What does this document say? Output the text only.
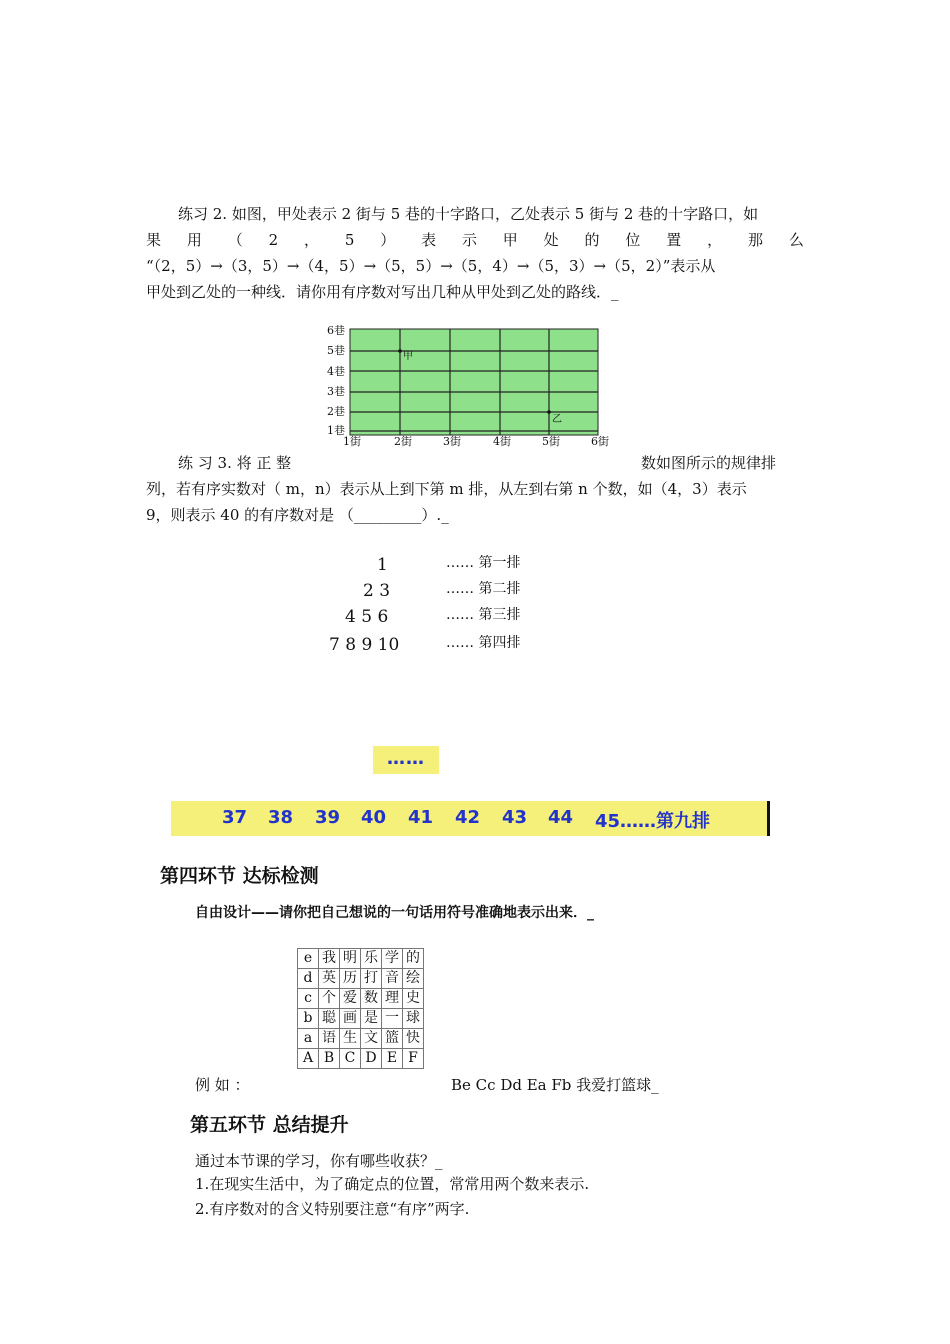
练习 2. 如图，甲处表示 2 街与 5 巷的十字路口，乙处表示 5 街与 2 巷的十字路口，如
果 用 （ 2 ， 5 ） 表 示 甲 处 的 位 置 ， 那 么
“（2，5）→（3，5）→（4，5）→（5，5）→（5，4）→（5，3）→（5，2）”表示从
甲处到乙处的一种线．请你用有序数对写出几种从甲处到乙处的路线．_
6巷
5巷
4巷
3巷
2巷
1巷
1街	2街	3街	4街	5街	6街
甲
乙
练 习 3. 将 正 整	数如图所示的规律排
列，若有序实数对（ m，n）表示从上到下第 m 排，从左到右第 n 个数，如（4，3）表示
9，则表示 40 的有序数对是 （_________）._
1	…… 第一排
2 3	…… 第二排
4 5 6	…… 第三排
7 8 9 10	…… 第四排
……
37 38 39 40 41 42 43 44 45……第九排
第四环节 达标检测
自由设计——请你把自己想说的一句话用符号准确地表示出来．_
e	我	明	乐	学	的
d	英	历	打	音	绘
c	个	爱	数	理	史
b	聪	画	是	一	球
a	语	生	文	篮	快
A	B	C	D	E	F
例 如 ：	Be Cc Dd Ea Fb 我爱打篮球_
第五环节 总结提升
通过本节课的学习，你有哪些收获？_
1.在现实生活中，为了确定点的位置，常常用两个数来表示.
2.有序数对的含义特别要注意“有序”两字.
